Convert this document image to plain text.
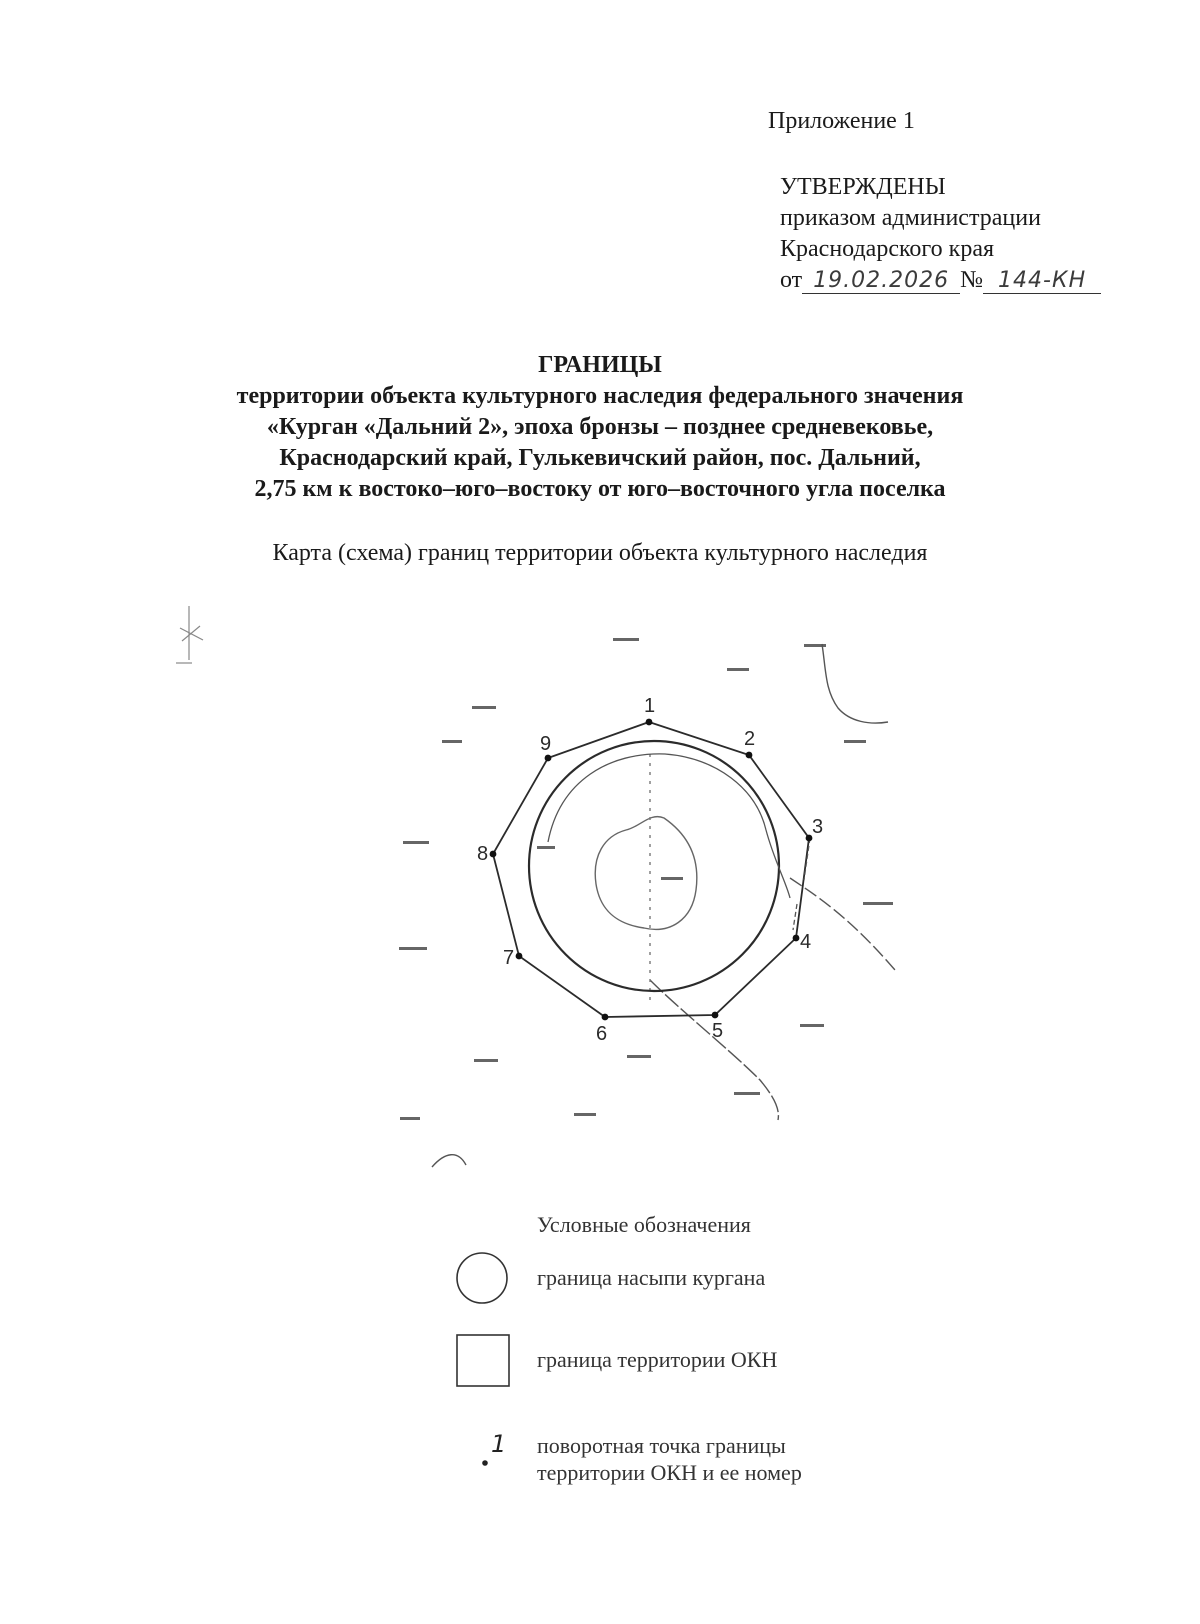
Приложение 1
УТВЕРЖДЕНЫ
приказом администрации
Краснодарского края
от 19.02.2026 № 144-КН
ГРАНИЦЫ
территории объекта культурного наследия федерального значения
«Курган «Дальний 2», эпоха бронзы – позднее средневековье,
Краснодарский край, Гулькевичский район, пос. Дальний,
2,75 км к востоко–юго–востоку от юго–восточного угла поселка
Карта (схема) границ территории объекта культурного наследия
1
2
3
4
5
6
7
8
9
1
Условные обозначения
граница насыпи кургана
граница территории ОКН
поворотная точка границы
территории ОКН и ее номер
